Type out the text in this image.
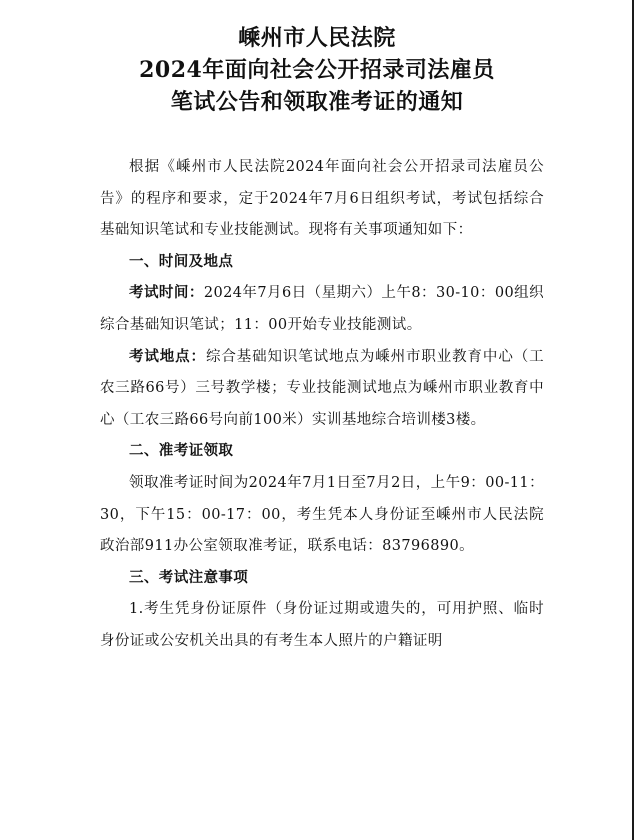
嵊州市人民法院
2024年面向社会公开招录司法雇员
笔试公告和领取准考证的通知

根据《嵊州市人民法院2024年面向社会公开招录司法雇员公告》的程序和要求，定于2024年7月6日组织考试，考试包括综合基础知识笔试和专业技能测试。现将有关事项通知如下：

一、时间及地点

考试时间：2024年7月6日（星期六）上午8：30-10：00组织综合基础知识笔试；11：00开始专业技能测试。

考试地点：综合基础知识笔试地点为嵊州市职业教育中心（工农三路66号）三号教学楼；专业技能测试地点为嵊州市职业教育中心（工农三路66号向前100米）实训基地综合培训楼3楼。

二、准考证领取

领取准考证时间为2024年7月1日至7月2日，上午9：00-11：30，下午15：00-17：00，考生凭本人身份证至嵊州市人民法院政治部911办公室领取准考证，联系电话：83796890。

三、考试注意事项

1.考生凭身份证原件（身份证过期或遗失的，可用护照、临时身份证或公安机关出具的有考生本人照片的户籍证明
